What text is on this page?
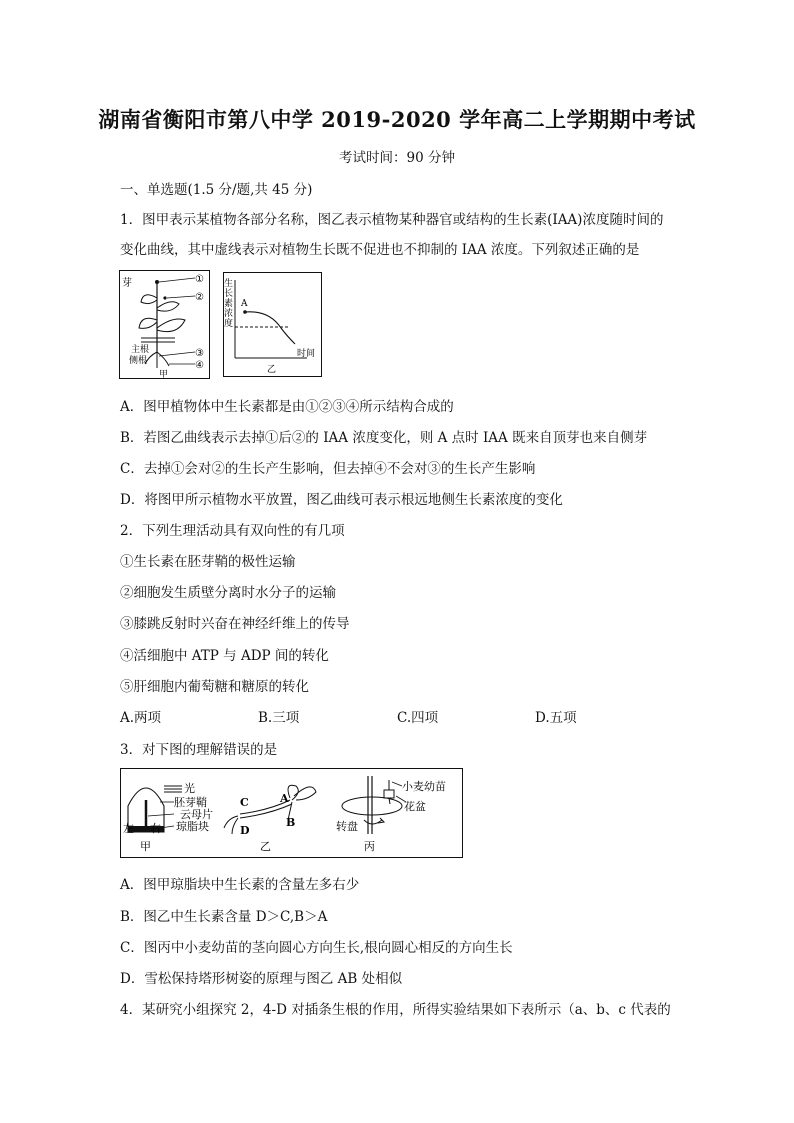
湖南省衡阳市第八中学 2019-2020 学年高二上学期期中考试
考试时间：90 分钟
一、单选题(1.5 分/题,共 45 分)
1．图甲表示某植物各部分名称，图乙表示植物某种器官或结构的生长素(IAA)浓度随时间的
变化曲线，其中虚线表示对植物生长既不促进也不抑制的 IAA 浓度。下列叙述正确的是
芽	①
②
③
④
主根
侧根
甲
生
长
素
浓
度
A
时间
乙
A．图甲植物体中生长素都是由①②③④所示结构合成的
B．若图乙曲线表示去掉①后②的 IAA 浓度变化，则 A 点时 IAA 既来自顶芽也来自侧芽
C．去掉①会对②的生长产生影响，但去掉④不会对③的生长产生影响
D．将图甲所示植物水平放置，图乙曲线可表示根远地侧生长素浓度的变化
2．下列生理活动具有双向性的有几项
①生长素在胚芽鞘的极性运输
②细胞发生质壁分离时水分子的运输
③膝跳反射时兴奋在神经纤维上的传导
④活细胞中 ATP 与 ADP 间的转化
⑤肝细胞内葡萄糖和糖原的转化
A.两项	B.三项	C.四项	D.五项
3．对下图的理解错误的是
光
胚芽鞘
云母片
琼脂块
左 右
甲
C	A
D
B
乙
小麦幼苗
花盆
转盘
丙
A．图甲琼脂块中生长素的含量左多右少
B．图乙中生长素含量 D＞C,B＞A
C．图丙中小麦幼苗的茎向圆心方向生长,根向圆心相反的方向生长
D．雪松保持塔形树姿的原理与图乙 AB 处相似
4．某研究小组探究 2，4-D 对插条生根的作用，所得实验结果如下表所示（a、b、c 代表的
